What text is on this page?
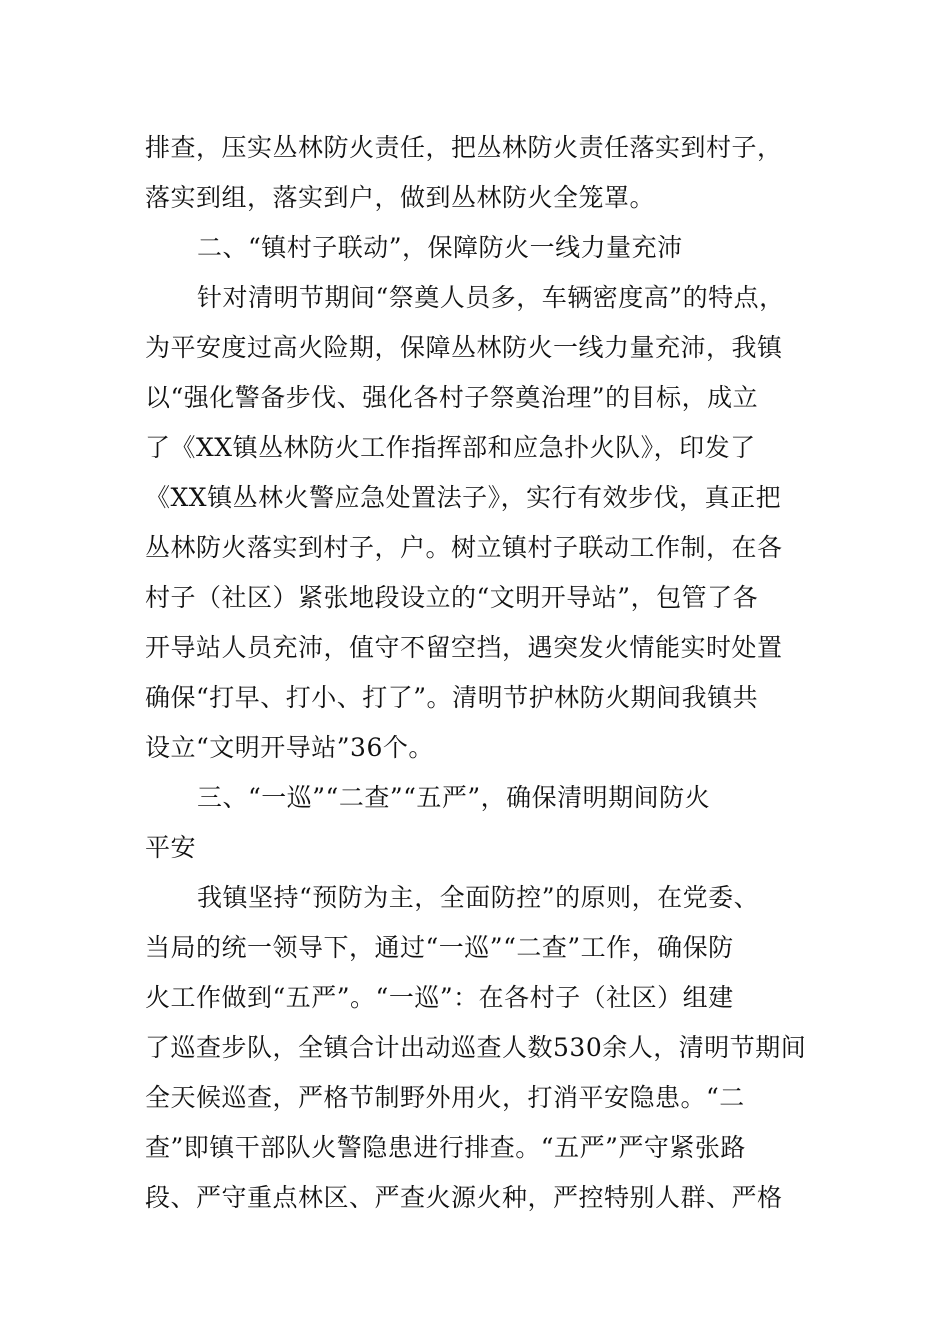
排查，压实丛林防火责任，把丛林防火责任落实到村子，
落实到组，落实到户，做到丛林防火全笼罩。
二、“镇村子联动”，保障防火一线力量充沛
针对清明节期间“祭奠人员多，车辆密度高”的特点，
为平安度过高火险期，保障丛林防火一线力量充沛，我镇
以“强化警备步伐、强化各村子祭奠治理”的目标，成立
了《XX镇丛林防火工作指挥部和应急扑火队》，印发了
《XX镇丛林火警应急处置法子》，实行有效步伐，真正把
丛林防火落实到村子，户。树立镇村子联动工作制，在各
村子（社区）紧张地段设立的“文明开导站”，包管了各
开导站人员充沛，值守不留空挡，遇突发火情能实时处置
确保“打早、打小、打了”。清明节护林防火期间我镇共
设立“文明开导站”36个。
三、“一巡”“二查”“五严”，确保清明期间防火
平安
我镇坚持“预防为主，全面防控”的原则，在党委、
当局的统一领导下，通过“一巡”“二查”工作，确保防
火工作做到“五严”。“一巡”：在各村子（社区）组建
了巡查步队，全镇合计出动巡查人数530余人，清明节期间
全天候巡查，严格节制野外用火，打消平安隐患。“二
查”即镇干部队火警隐患进行排查。“五严”严守紧张路
段、严守重点林区、严查火源火种，严控特别人群、严格
